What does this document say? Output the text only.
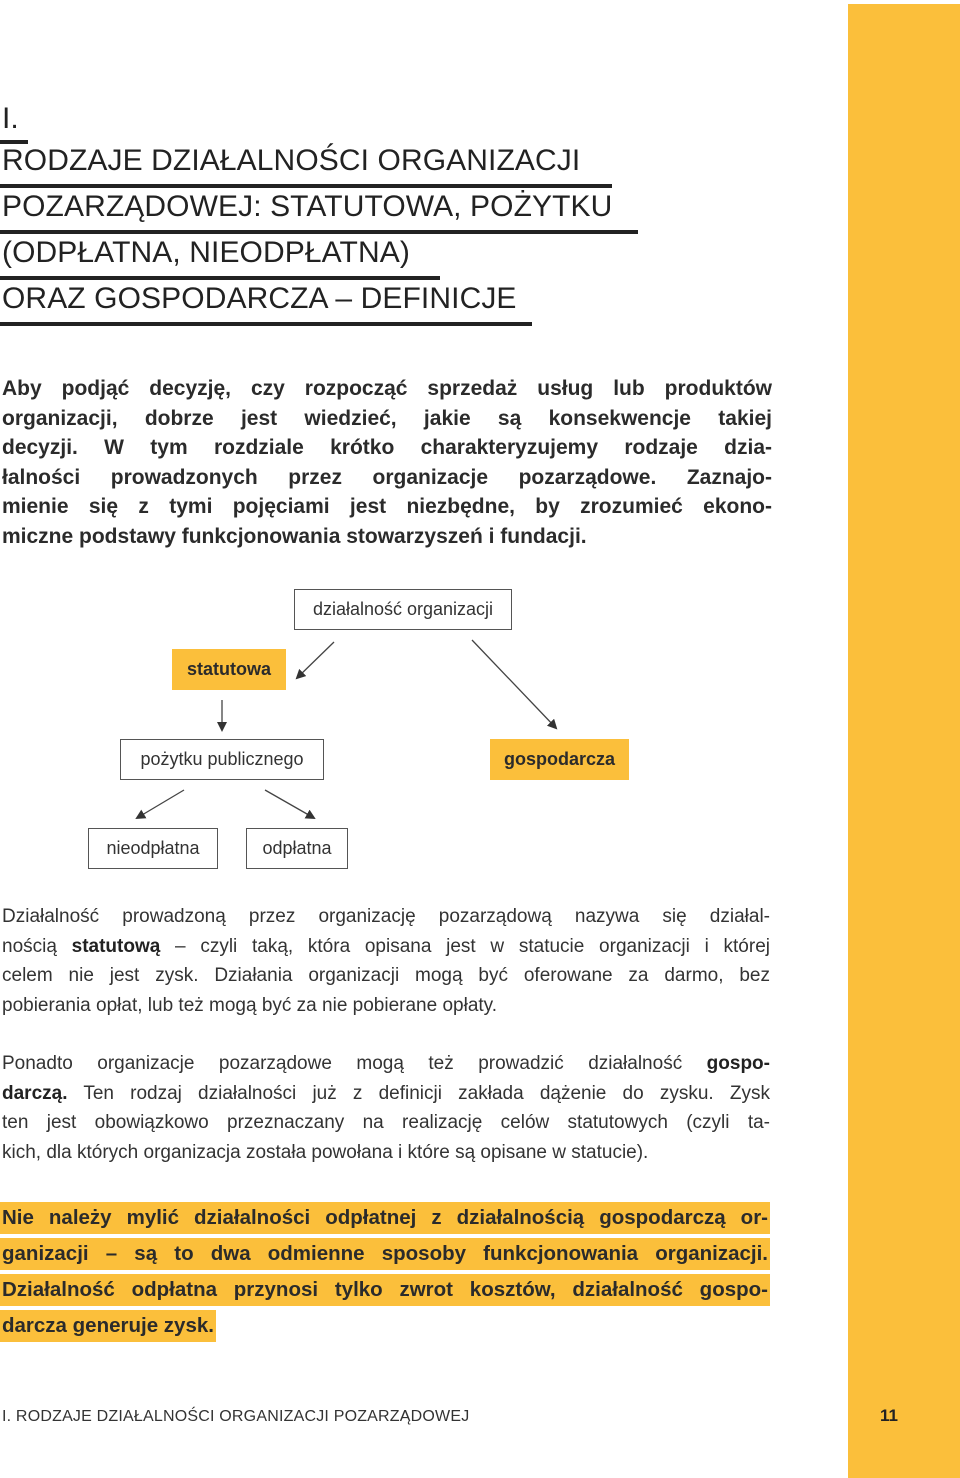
I.
RODZAJE DZIAŁALNOŚCI ORGANIZACJI
POZARZĄDOWEJ: STATUTOWA, POŻYTKU
(ODPŁATNA, NIEODPŁATNA)
ORAZ GOSPODARCZA – DEFINICJE

Aby podjąć decyzję, czy rozpocząć sprzedaż usług lub produktów
organizacji, dobrze jest wiedzieć, jakie są konsekwencje takiej
decyzji. W tym rozdziale krótko charakteryzujemy rodzaje dzia-
łalności prowadzonych przez organizacje pozarządowe. Zaznajo-
mienie się z tymi pojęciami jest niezbędne, by zrozumieć ekono-
miczne podstawy funkcjonowania stowarzyszeń i fundacji.

działalność organizacji
statutowa
pożytku publicznego	gospodarcza
nieodpłatna	odpłatna

Działalność prowadzoną przez organizację pozarządową nazywa się działal-
nością statutową – czyli taką, która opisana jest w statucie organizacji i której
celem nie jest zysk. Działania organizacji mogą być oferowane za darmo, bez
pobierania opłat, lub też mogą być za nie pobierane opłaty.

Ponadto organizacje pozarządowe mogą też prowadzić działalność gospo-
darczą. Ten rodzaj działalności już z definicji zakłada dążenie do zysku. Zysk
ten jest obowiązkowo przeznaczany na realizację celów statutowych (czyli ta-
kich, dla których organizacja została powołana i które są opisane w statucie).

Nie należy mylić działalności odpłatnej z działalnością gospodarczą or-
ganizacji – są to dwa odmienne sposoby funkcjonowania organizacji.
Działalność odpłatna przynosi tylko zwrot kosztów, działalność gospo-
darcza generuje zysk.

I. RODZAJE DZIAŁALNOŚCI ORGANIZACJI POZARZĄDOWEJ	11
